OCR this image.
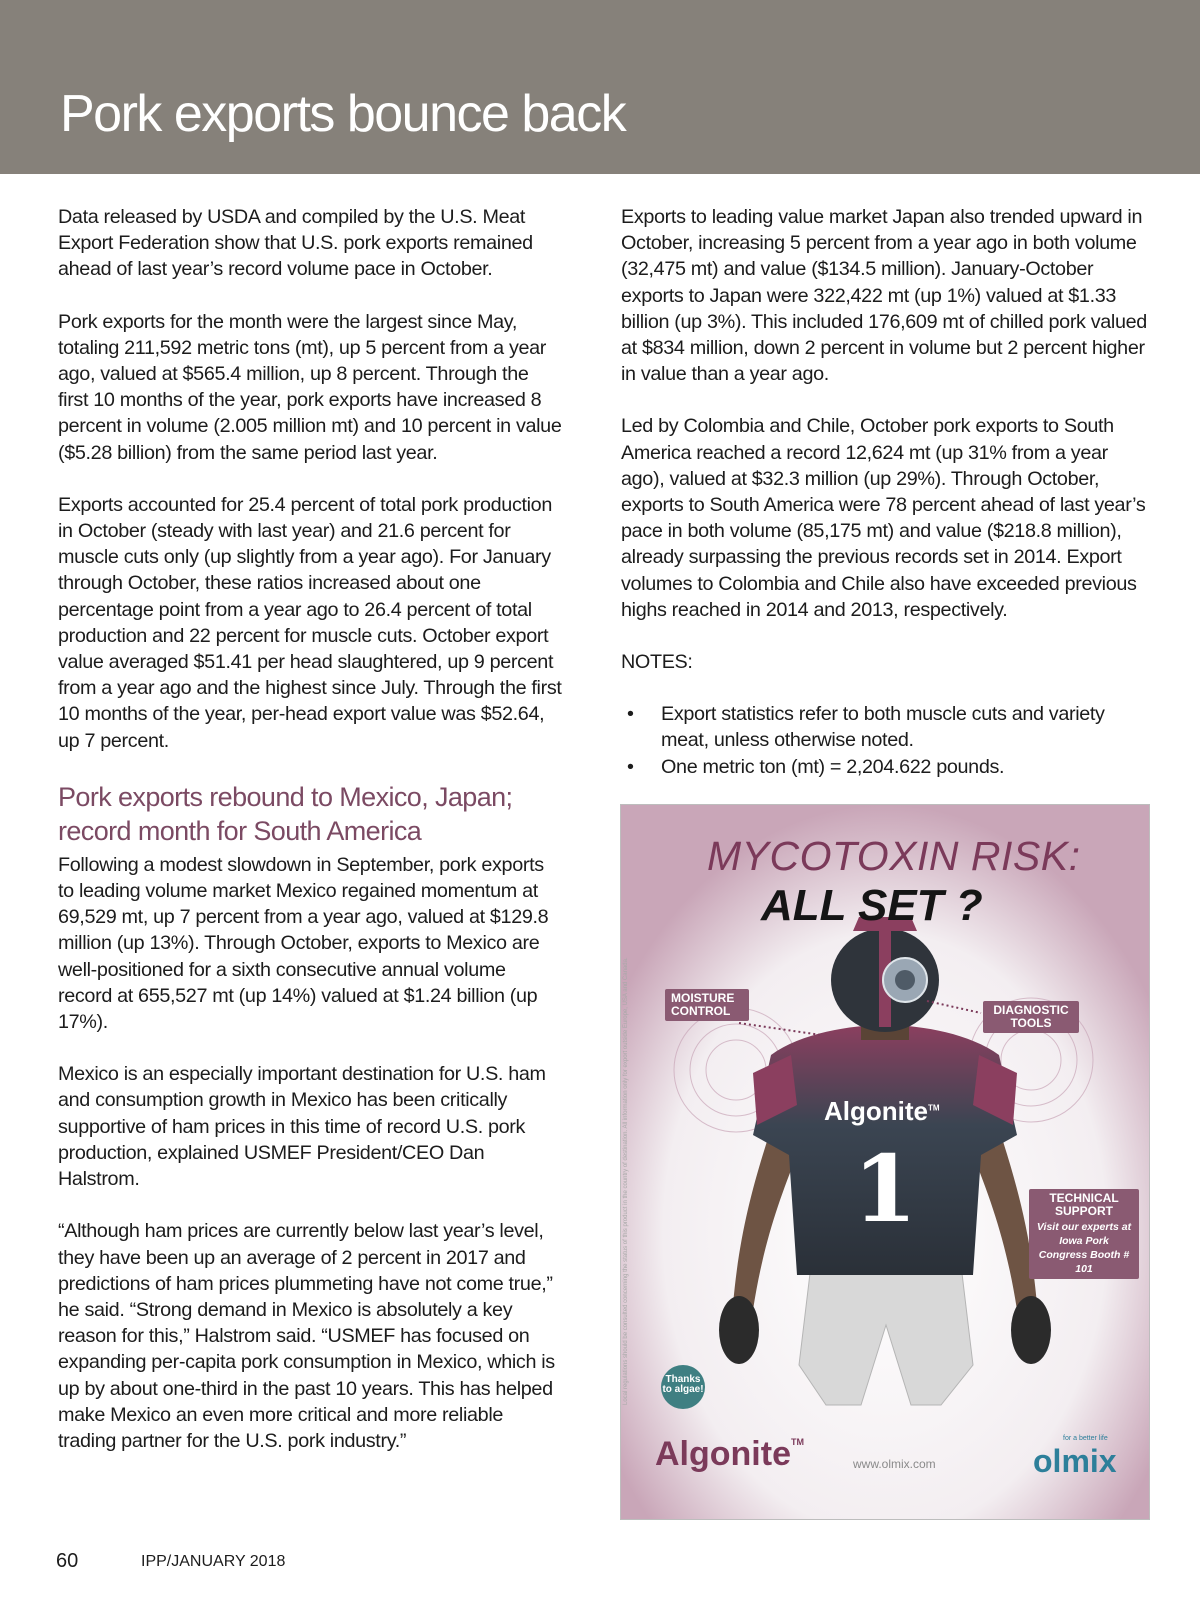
Pork exports bounce back

Data released by USDA and compiled by the U.S. Meat Export Federation show that U.S. pork exports remained ahead of last year’s record volume pace in October.

Pork exports for the month were the largest since May, totaling 211,592 metric tons (mt), up 5 percent from a year ago, valued at $565.4 million, up 8 percent. Through the first 10 months of the year, pork exports have increased 8 percent in volume (2.005 million mt) and 10 percent in value ($5.28 billion) from the same period last year.

Exports accounted for 25.4 percent of total pork production in October (steady with last year) and 21.6 percent for muscle cuts only (up slightly from a year ago). For January through October, these ratios increased about one percentage point from a year ago to 26.4 percent of total production and 22 percent for muscle cuts. October export value averaged $51.41 per head slaughtered, up 9 percent from a year ago and the highest since July. Through the first 10 months of the year, per-head export value was $52.64, up 7 percent.

Pork exports rebound to Mexico, Japan; record month for South America

Following a modest slowdown in September, pork exports to leading volume market Mexico regained momentum at 69,529 mt, up 7 percent from a year ago, valued at $129.8 million (up 13%). Through October, exports to Mexico are well-positioned for a sixth consecutive annual volume record at 655,527 mt (up 14%) valued at $1.24 billion (up 17%).

Mexico is an especially important destination for U.S. ham and consumption growth in Mexico has been critically supportive of ham prices in this time of record U.S. pork production, explained USMEF President/CEO Dan Halstrom.

“Although ham prices are currently below last year’s level, they have been up an average of 2 percent in 2017 and predictions of ham prices plummeting have not come true,” he said. “Strong demand in Mexico is absolutely a key reason for this,” Halstrom said. “USMEF has focused on expanding per-capita pork consumption in Mexico, which is up by about one-third in the past 10 years. This has helped make Mexico an even more critical and more reliable trading partner for the U.S. pork industry.”

Exports to leading value market Japan also trended upward in October, increasing 5 percent from a year ago in both volume (32,475 mt) and value ($134.5 million). January-October exports to Japan were 322,422 mt (up 1%) valued at $1.33 billion (up 3%). This included 176,609 mt of chilled pork valued at $834 million, down 2 percent in volume but 2 percent higher in value than a year ago.

Led by Colombia and Chile, October pork exports to South America reached a record 12,624 mt (up 31% from a year ago), valued at $32.3 million (up 29%). Through October, exports to South America were 78 percent ahead of last year’s pace in both volume (85,175 mt) and value ($218.8 million), already surpassing the previous records set in 2014. Export volumes to Colombia and Chile also have exceeded previous highs reached in 2014 and 2013, respectively.

NOTES:

• Export statistics refer to both muscle cuts and variety meat, unless otherwise noted.
• One metric ton (mt) = 2,204.622 pounds.
MYCOTOXIN RISK:
ALL SET ?
MOISTURE CONTROL	DIAGNOSTIC TOOLS
TECHNICAL SUPPORT
Visit our experts at Iowa Pork Congress Booth # 101
Algonite™
1
Thanks to algae!
Algonite™
www.olmix.com
for a better life
olmix
Local regulations should be consulted concerning the status of this product in the country of destination. All information only for export outside Europe, USA and Canada.
60	IPP/JANUARY 2018
